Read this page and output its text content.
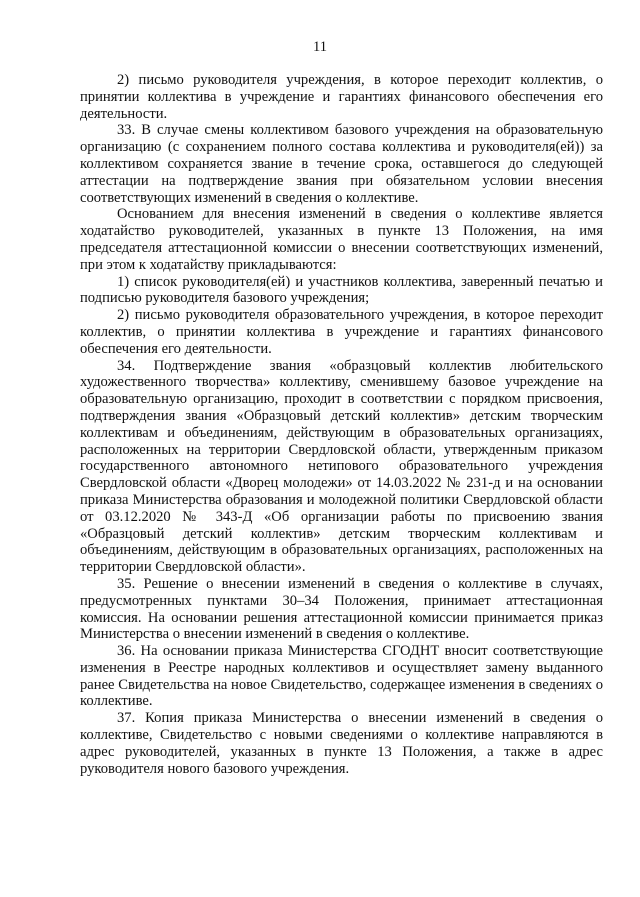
11

2) письмо руководителя учреждения, в которое переходит коллектив, о принятии коллектива в учреждение и гарантиях финансового обеспечения его деятельности.

33. В случае смены коллективом базового учреждения на образовательную организацию (с сохранением полного состава коллектива и руководителя(ей)) за коллективом сохраняется звание в течение срока, оставшегося до следующей аттестации на подтверждение звания при обязательном условии внесения соответствующих изменений в сведения о коллективе.

Основанием для внесения изменений в сведения о коллективе является ходатайство руководителей, указанных в пункте 13 Положения, на имя председателя аттестационной комиссии о внесении соответствующих изменений, при этом к ходатайству прикладываются:

1) список руководителя(ей) и участников коллектива, заверенный печатью и подписью руководителя базового учреждения;

2) письмо руководителя образовательного учреждения, в которое переходит коллектив, о принятии коллектива в учреждение и гарантиях финансового обеспечения его деятельности.

34. Подтверждение звания «образцовый коллектив любительского художественного творчества» коллективу, сменившему базовое учреждение на образовательную организацию, проходит в соответствии с порядком присвоения, подтверждения звания «Образцовый детский коллектив» детским творческим коллективам и объединениям, действующим в образовательных организациях, расположенных на территории Свердловской области, утвержденным приказом государственного автономного нетипового образовательного учреждения Свердловской области «Дворец молодежи» от 14.03.2022 № 231-д и на основании приказа Министерства образования и молодежной политики Свердловской области от 03.12.2020 № 343-Д «Об организации работы по присвоению звания «Образцовый детский коллектив» детским творческим коллективам и объединениям, действующим в образовательных организациях, расположенных на территории Свердловской области».

35. Решение о внесении изменений в сведения о коллективе в случаях, предусмотренных пунктами 30–34 Положения, принимает аттестационная комиссия. На основании решения аттестационной комиссии принимается приказ Министерства о внесении изменений в сведения о коллективе.

36. На основании приказа Министерства СГОДНТ вносит соответствующие изменения в Реестре народных коллективов и осуществляет замену выданного ранее Свидетельства на новое Свидетельство, содержащее изменения в сведениях о коллективе.

37. Копия приказа Министерства о внесении изменений в сведения о коллективе, Свидетельство с новыми сведениями о коллективе направляются в адрес руководителей, указанных в пункте 13 Положения, а также в адрес руководителя нового базового учреждения.
